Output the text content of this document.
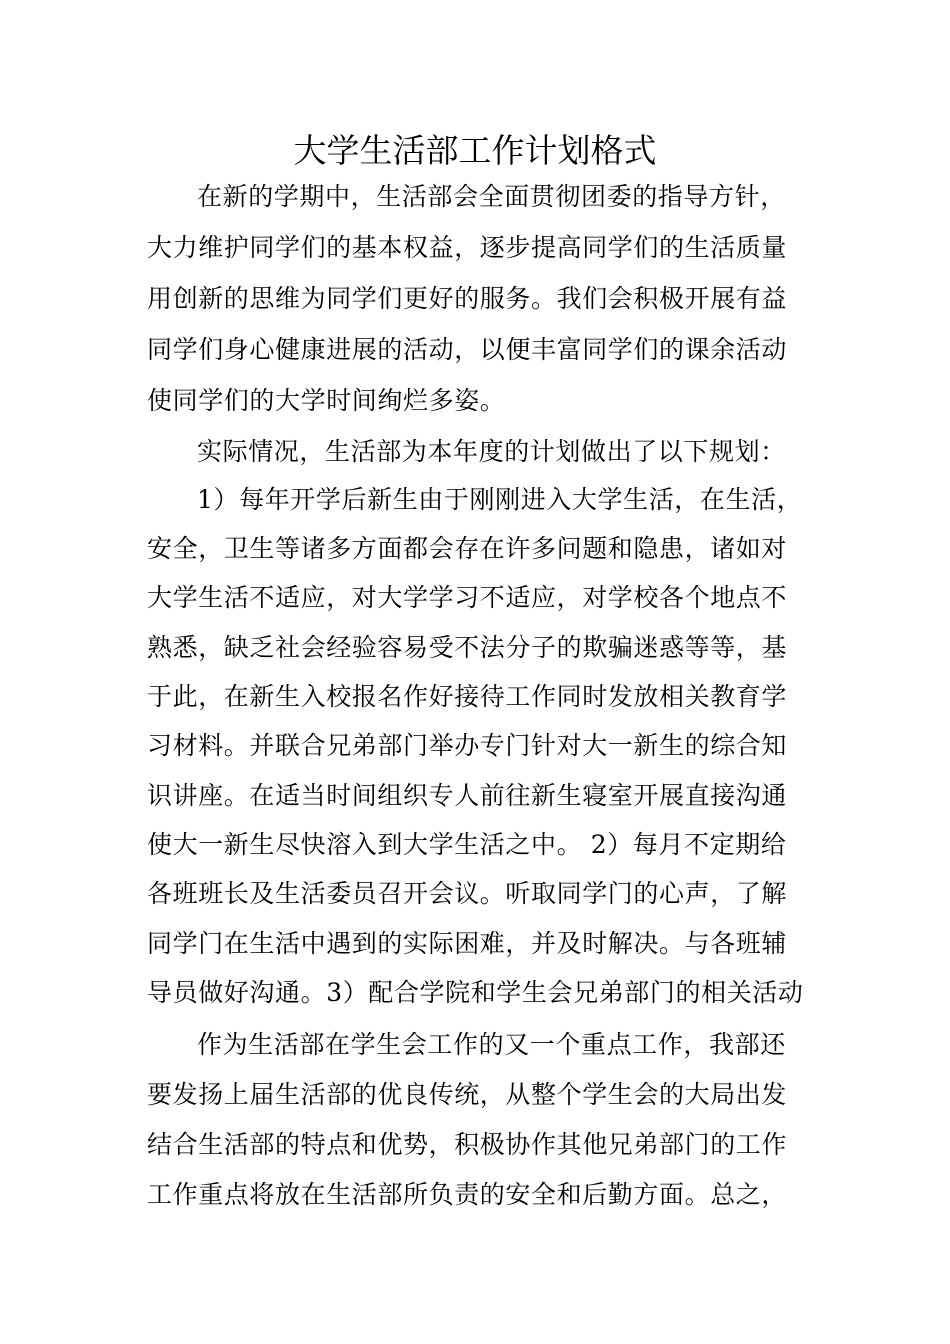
大学生活部工作计划格式
在新的学期中，生活部会全面贯彻团委的指导方针，
大力维护同学们的基本权益，逐步提高同学们的生活质量
用创新的思维为同学们更好的服务。我们会积极开展有益
同学们身心健康进展的活动，以便丰富同学们的课余活动
使同学们的大学时间绚烂多姿。
实际情况，生活部为本年度的计划做出了以下规划：
1）每年开学后新生由于刚刚进入大学生活，在生活，
安全，卫生等诸多方面都会存在许多问题和隐患，诸如对
大学生活不适应，对大学学习不适应，对学校各个地点不
熟悉，缺乏社会经验容易受不法分子的欺骗迷惑等等，基
于此，在新生入校报名作好接待工作同时发放相关教育学
习材料。并联合兄弟部门举办专门针对大一新生的综合知
识讲座。在适当时间组织专人前往新生寝室开展直接沟通
使大一新生尽快溶入到大学生活之中。 2）每月不定期给
各班班长及生活委员召开会议。听取同学门的心声，了解
同学门在生活中遇到的实际困难，并及时解决。与各班辅
导员做好沟通。3）配合学院和学生会兄弟部门的相关活动
作为生活部在学生会工作的又一个重点工作，我部还
要发扬上届生活部的优良传统，从整个学生会的大局出发
结合生活部的特点和优势，积极协作其他兄弟部门的工作
工作重点将放在生活部所负责的安全和后勤方面。总之，
